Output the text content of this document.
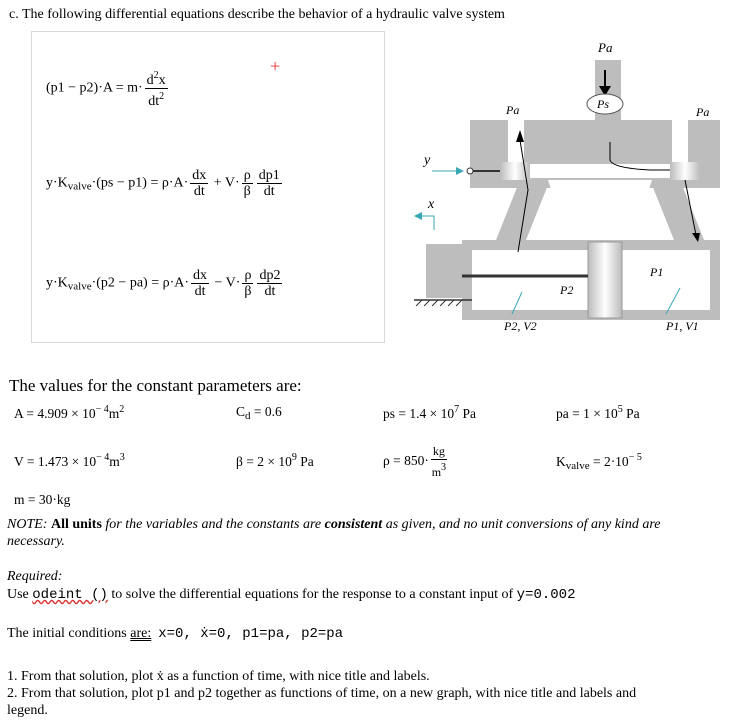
c. The following differential equations describe the behavior of a hydraulic valve system
$(p1 - p2)\cdot A = m\cdot \frac{d^2x}{dt^2}$
+
$y\cdot K_{valve}\cdot(ps - p1) = \rho\cdot A\cdot \frac{dx}{dt} + V\cdot \frac{\rho}{\beta} \frac{dp1}{dt}$
$y\cdot K_{valve}\cdot(p2 - pa) = \rho\cdot A\cdot \frac{dx}{dt} - V\cdot \frac{\rho}{\beta} \frac{dp2}{dt}$
Pa
Ps
Pa	Pa
y
x
P2
P1
P2, V2	P1, V1
The values for the constant parameters are:
$A = 4.909 \times 10^{- 4}m^2$	$C_d = 0.6$	ps = $1.4 \times 10^7$ Pa	pa = $1 \times 10^5$ Pa
$V = 1.473 \times 10^{- 4}m^3$	$\beta = 2 \times 10^9$ Pa	$\rho = 850\cdot \frac{kg}{m^3}$	$K_{valve} = 2\cdot 10^{- 5}$
m = 30·kg
NOTE: All units for the variables and the constants are consistent as given, and no unit conversions of any kind are
necessary.
Required:
Use odeint () to solve the differential equations for the response to a constant input of y=0.002
The initial conditions are: x=0, ẋ=0, p1=pa, p2=pa
1. From that solution, plot ẋ as a function of time, with nice title and labels.
2. From that solution, plot p1 and p2 together as functions of time, on a new graph, with nice title and labels and
legend.
